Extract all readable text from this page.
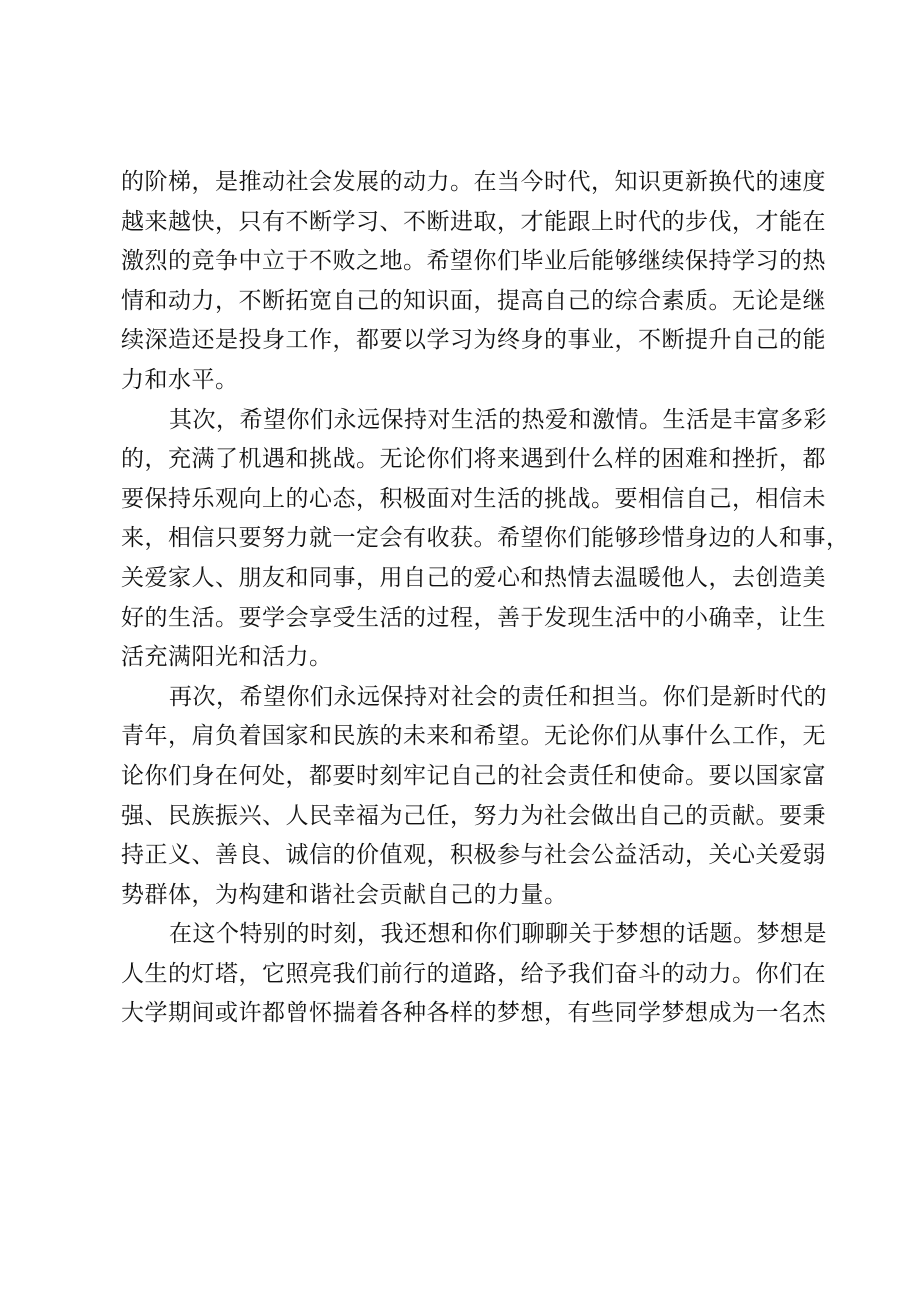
的阶梯，是推动社会发展的动力。在当今时代，知识更新换代的速度
越来越快，只有不断学习、不断进取，才能跟上时代的步伐，才能在
激烈的竞争中立于不败之地。希望你们毕业后能够继续保持学习的热
情和动力，不断拓宽自己的知识面，提高自己的综合素质。无论是继
续深造还是投身工作，都要以学习为终身的事业，不断提升自己的能
力和水平。

其次，希望你们永远保持对生活的热爱和激情。生活是丰富多彩
的，充满了机遇和挑战。无论你们将来遇到什么样的困难和挫折，都
要保持乐观向上的心态，积极面对生活的挑战。要相信自己，相信未
来，相信只要努力就一定会有收获。希望你们能够珍惜身边的人和事，
关爱家人、朋友和同事，用自己的爱心和热情去温暖他人，去创造美
好的生活。要学会享受生活的过程，善于发现生活中的小确幸，让生
活充满阳光和活力。

再次，希望你们永远保持对社会的责任和担当。你们是新时代的
青年，肩负着国家和民族的未来和希望。无论你们从事什么工作，无
论你们身在何处，都要时刻牢记自己的社会责任和使命。要以国家富
强、民族振兴、人民幸福为己任，努力为社会做出自己的贡献。要秉
持正义、善良、诚信的价值观，积极参与社会公益活动，关心关爱弱
势群体，为构建和谐社会贡献自己的力量。

在这个特别的时刻，我还想和你们聊聊关于梦想的话题。梦想是
人生的灯塔，它照亮我们前行的道路，给予我们奋斗的动力。你们在
大学期间或许都曾怀揣着各种各样的梦想，有些同学梦想成为一名杰
